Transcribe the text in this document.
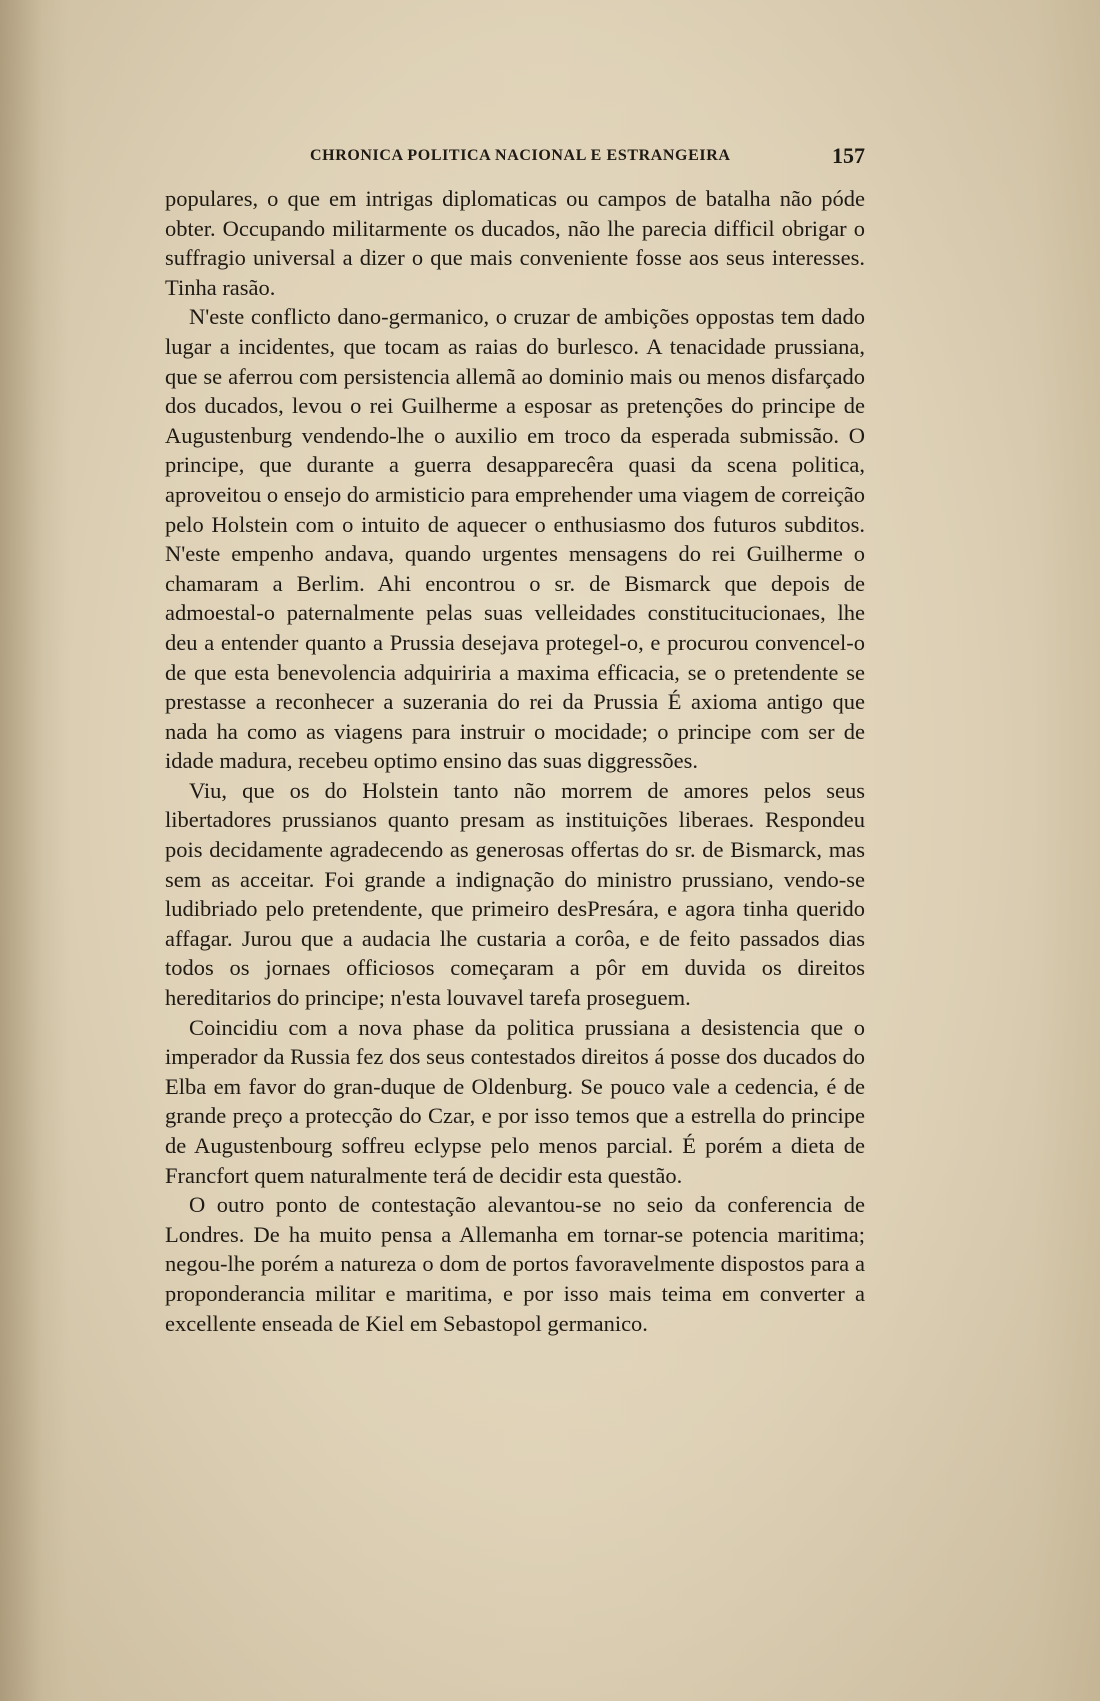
CHRONICA POLITICA NACIONAL E ESTRANGEIRA	157

populares, o que em intrigas diplomaticas ou campos de batalha não póde obter. Occupando militarmente os ducados, não lhe parecia difficil obrigar o suffragio universal a dizer o que mais conveniente fosse aos seus interesses. Tinha rasão.

N'este conflicto dano-germanico, o cruzar de ambições oppostas tem dado lugar a incidentes, que tocam as raias do burlesco. A tenacidade prussiana, que se aferrou com persistencia allemã ao dominio mais ou menos disfarçado dos ducados, levou o rei Guilherme a esposar as pretenções do principe de Augustenburg vendendo-lhe o auxilio em troco da esperada submissão. O principe, que durante a guerra desapparecêra quasi da scena politica, aproveitou o ensejo do armisticio para emprehender uma viagem de correição pelo Holstein com o intuito de aquecer o enthusiasmo dos futuros subditos. N'este empenho andava, quando urgentes mensagens do rei Guilherme o chamaram a Berlim. Ahi encontrou o sr. de Bismarck que depois de admoestal-o paternalmente pelas suas velleidades constitucitucionaes, lhe deu a entender quanto a Prussia desejava protegel-o, e procurou convencel-o de que esta benevolencia adquiriria a maxima efficacia, se o pretendente se prestasse a reconhecer a suzerania do rei da Prussia É axioma antigo que nada ha como as viagens para instruir o mocidade; o principe com ser de idade madura, recebeu optimo ensino das suas diggressões.

Viu, que os do Holstein tanto não morrem de amores pelos seus libertadores prussianos quanto presam as instituições liberaes. Respondeu pois decidamente agradecendo as generosas offertas do sr. de Bismarck, mas sem as acceitar. Foi grande a indignação do ministro prussiano, vendo-se ludibriado pelo pretendente, que primeiro desPresára, e agora tinha querido affagar. Jurou que a audacia lhe custaria a corôa, e de feito passados dias todos os jornaes officiosos começaram a pôr em duvida os direitos hereditarios do principe; n'esta louvavel tarefa proseguem.

Coincidiu com a nova phase da politica prussiana a desistencia que o imperador da Russia fez dos seus contestados direitos á posse dos ducados do Elba em favor do gran-duque de Oldenburg. Se pouco vale a cedencia, é de grande preço a protecção do Czar, e por isso temos que a estrella do principe de Augustenbourg soffreu eclypse pelo menos parcial. É porém a dieta de Francfort quem naturalmente terá de decidir esta questão.

O outro ponto de contestação alevantou-se no seio da conferencia de Londres. De ha muito pensa a Allemanha em tornar-se potencia maritima; negou-lhe porém a natureza o dom de portos favoravelmente dispostos para a proponderancia militar e maritima, e por isso mais teima em converter a excellente enseada de Kiel em Sebastopol germanico.
